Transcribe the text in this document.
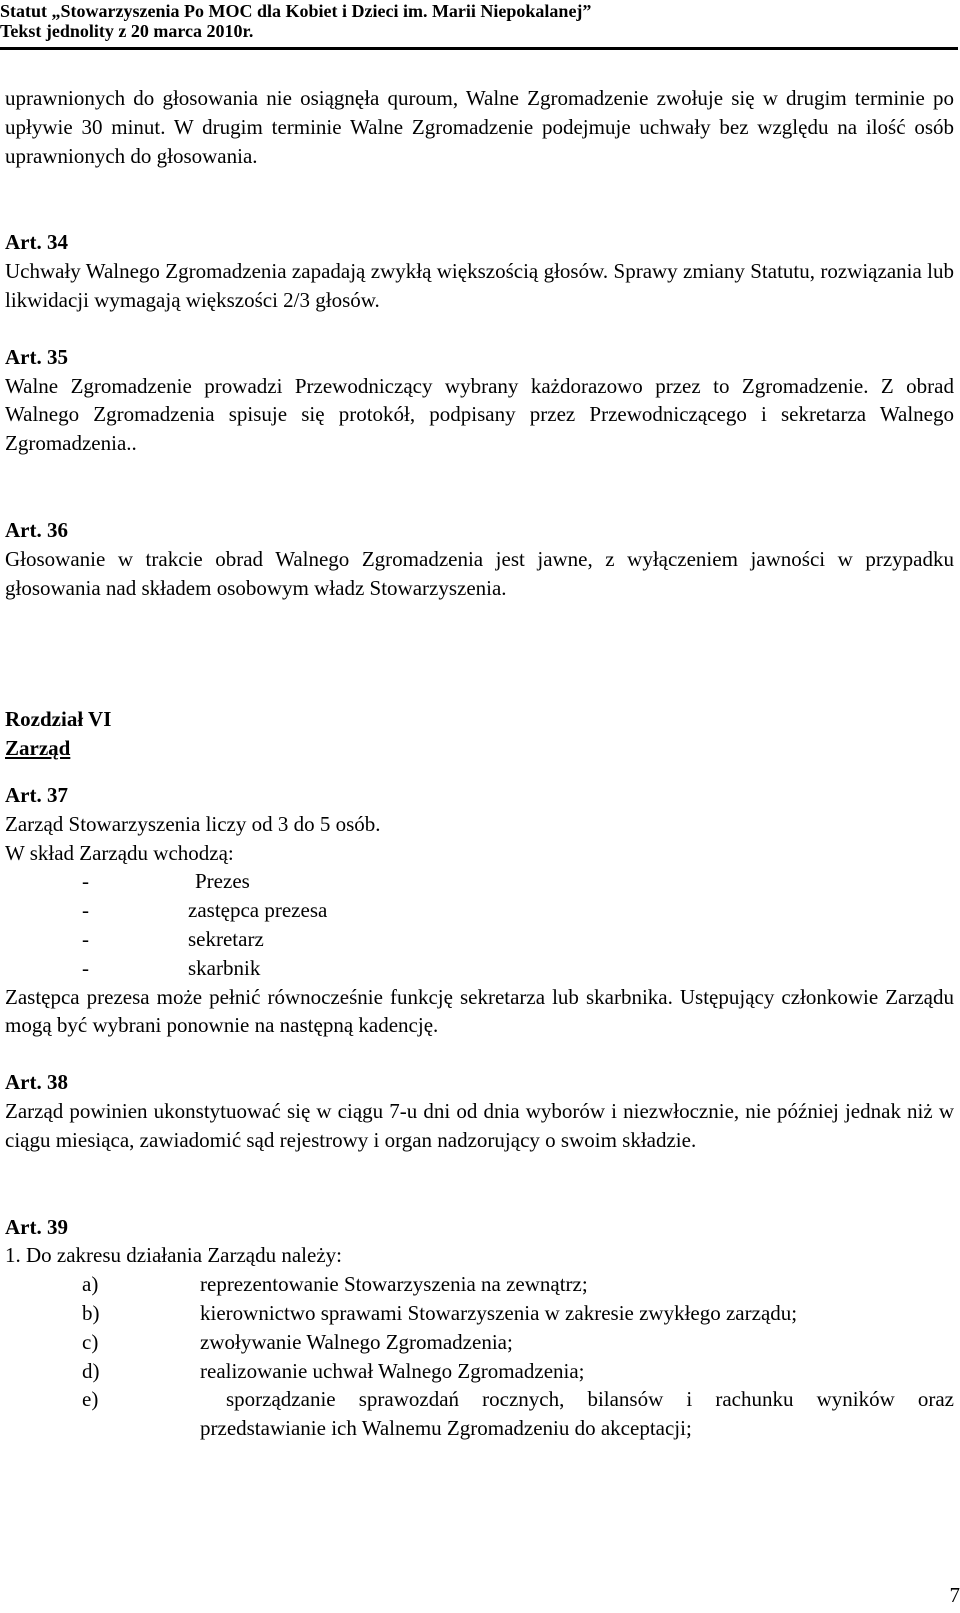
Statut „Stowarzyszenia Po MOC dla Kobiet i Dzieci im. Marii Niepokalanej”
Tekst jednolity z 20 marca 2010r.

uprawnionych do głosowania nie osiągnęła quroum, Walne Zgromadzenie zwołuje się w drugim terminie po upływie 30 minut. W drugim terminie Walne Zgromadzenie podejmuje uchwały bez względu na ilość osób uprawnionych do głosowania.

Art. 34

Uchwały Walnego Zgromadzenia zapadają zwykłą większością głosów. Sprawy zmiany Statutu, rozwiązania lub likwidacji wymagają większości 2/3 głosów.

Art. 35

Walne Zgromadzenie prowadzi Przewodniczący wybrany każdorazowo przez to Zgromadzenie. Z obrad Walnego Zgromadzenia spisuje się protokół, podpisany przez Przewodniczącego i sekretarza Walnego Zgromadzenia..

Art. 36

Głosowanie w trakcie obrad Walnego Zgromadzenia jest jawne, z wyłączeniem jawności w przypadku głosowania nad składem osobowym władz Stowarzyszenia.

Rozdział VI

Zarząd

Art. 37

Zarząd Stowarzyszenia liczy od 3 do 5 osób.

W skład Zarządu wchodzą:

-	Prezes
-	zastępca prezesa
-	sekretarz
-	skarbnik

Zastępca prezesa może pełnić równocześnie funkcję sekretarza lub skarbnika. Ustępujący członkowie Zarządu mogą być wybrani ponownie na następną kadencję.

Art. 38

Zarząd powinien ukonstytuować się w ciągu 7-u dni od dnia wyborów i niezwłocznie, nie później jednak niż w ciągu miesiąca, zawiadomić sąd rejestrowy i organ nadzorujący o swoim składzie.

Art. 39

1. Do zakresu działania Zarządu należy:

a)	reprezentowanie Stowarzyszenia na zewnątrz;
b)	kierownictwo sprawami Stowarzyszenia w zakresie zwykłego zarządu;
c)	zwoływanie Walnego Zgromadzenia;
d)	realizowanie uchwał Walnego Zgromadzenia;
e)	sporządzanie sprawozdań rocznych, bilansów i rachunku wyników oraz przedstawianie ich Walnemu Zgromadzeniu do akceptacji;
7
